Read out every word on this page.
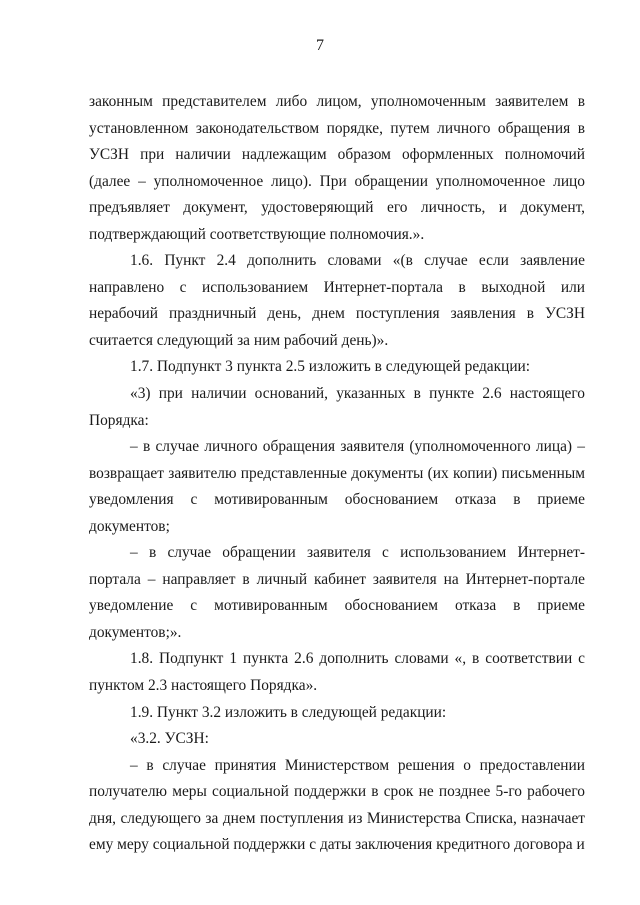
7

законным представителем либо лицом, уполномоченным заявителем в установленном законодательством порядке, путем личного обращения в УСЗН при наличии надлежащим образом оформленных полномочий (далее – уполномоченное лицо). При обращении уполномоченное лицо предъявляет документ, удостоверяющий его личность, и документ, подтверждающий соответствующие полномочия.».

1.6. Пункт 2.4 дополнить словами «(в случае если заявление направлено с использованием Интернет-портала в выходной или нерабочий праздничный день, днем поступления заявления в УСЗН считается следующий за ним рабочий день)».

1.7. Подпункт 3 пункта 2.5 изложить в следующей редакции:

«3) при наличии оснований, указанных в пункте 2.6 настоящего Порядка:

– в случае личного обращения заявителя (уполномоченного лица) – возвращает заявителю представленные документы (их копии) письменным уведомления с мотивированным обоснованием отказа в приеме документов;

– в случае обращении заявителя с использованием Интернет-портала – направляет в личный кабинет заявителя на Интернет-портале уведомление с мотивированным обоснованием отказа в приеме документов;».

1.8. Подпункт 1 пункта 2.6 дополнить словами «, в соответствии с пунктом 2.3 настоящего Порядка».

1.9. Пункт 3.2 изложить в следующей редакции:

«3.2. УСЗН:

– в случае принятия Министерством решения о предоставлении получателю меры социальной поддержки в срок не позднее 5-го рабочего дня, следующего за днем поступления из Министерства Списка, назначает ему меру социальной поддержки с даты заключения кредитного договора и
